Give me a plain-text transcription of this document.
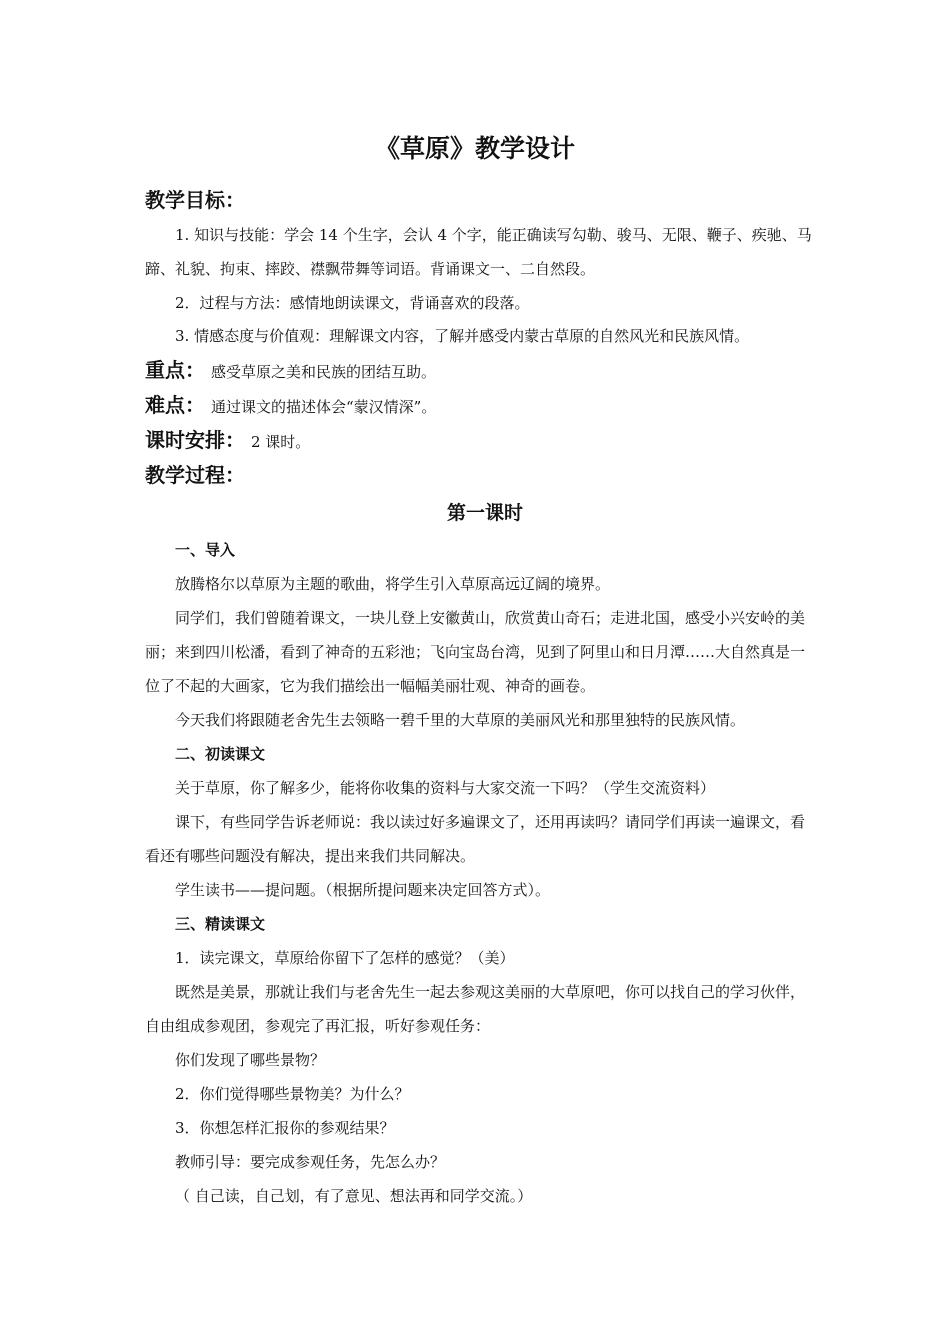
《草原》教学设计
教学目标：

1. 知识与技能：学会 14 个生字，会认 4 个字，能正确读写勾勒、骏马、无限、鞭子、疾驰、马蹄、礼貌、拘束、摔跤、襟飘带舞等词语。背诵课文一、二自然段。

2．过程与方法：感情地朗读课文，背诵喜欢的段落。

3. 情感态度与价值观：理解课文内容，了解并感受内蒙古草原的自然风光和民族风情。

重点： 感受草原之美和民族的团结互助。
难点： 通过课文的描述体会“蒙汉情深”。
课时安排： 2 课时。
教学过程：
第一课时
一、导入

放腾格尔以草原为主题的歌曲，将学生引入草原高远辽阔的境界。

同学们，我们曾随着课文，一块儿登上安徽黄山，欣赏黄山奇石；走进北国，感受小兴安岭的美丽；来到四川松潘，看到了神奇的五彩池；飞向宝岛台湾，见到了阿里山和日月潭……大自然真是一位了不起的大画家，它为我们描绘出一幅幅美丽壮观、神奇的画卷。

今天我们将跟随老舍先生去领略一碧千里的大草原的美丽风光和那里独特的民族风情。

二、初读课文

关于草原，你了解多少，能将你收集的资料与大家交流一下吗？（学生交流资料）

课下，有些同学告诉老师说：我以读过好多遍课文了，还用再读吗？请同学们再读一遍课文，看看还有哪些问题没有解决，提出来我们共同解决。

学生读书——提问题。（根据所提问题来决定回答方式）。

三、精读课文

1．读完课文，草原给你留下了怎样的感觉？（美）

既然是美景，那就让我们与老舍先生一起去参观这美丽的大草原吧，你可以找自己的学习伙伴，自由组成参观团，参观完了再汇报，听好参观任务：

你们发现了哪些景物？

2．你们觉得哪些景物美？为什么？

3．你想怎样汇报你的参观结果？

教师引导：要完成参观任务，先怎么办？

（ 自己读，自己划，有了意见、想法再和同学交流。）
